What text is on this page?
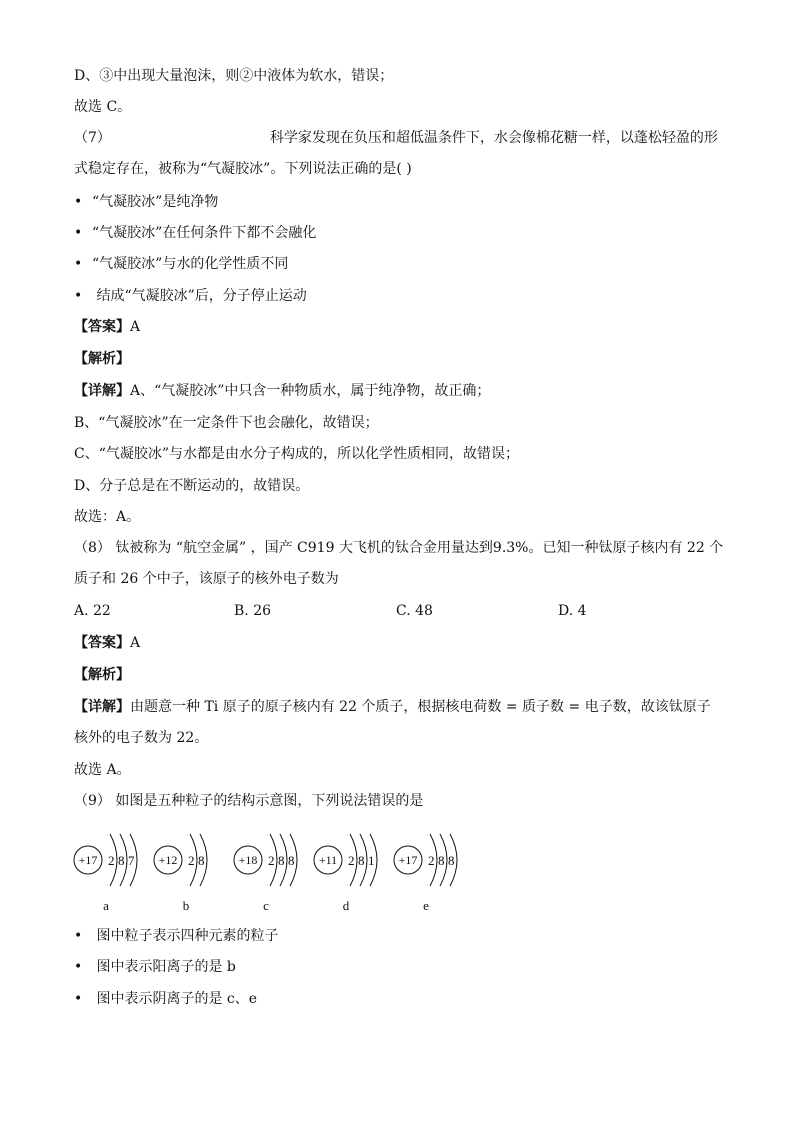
D、③中出现大量泡沫，则②中液体为软水，错误；
故选 C。
（7）	科学家发现在负压和超低温条件下，水会像棉花糖一样，以蓬松轻盈的形
式稳定存在，被称为“气凝胶冰”。下列说法正确的是( )
• “气凝胶冰”是纯净物
• “气凝胶冰”在任何条件下都不会融化
• “气凝胶冰”与水的化学性质不同
• 结成“气凝胶冰”后，分子停止运动
【答案】A
【解析】
【详解】A、“气凝胶冰”中只含一种物质水，属于纯净物，故正确；
B、“气凝胶冰”在一定条件下也会融化，故错误；
C、“气凝胶冰”与水都是由水分子构成的，所以化学性质相同，故错误；
D、分子总是在不断运动的，故错误。
故选：A。
（8） 钛被称为 “航空金属” ，国产 C919 大飞机的钛合金用量达到9.3%。已知一种钛原子核内有 22 个
质子和 26 个中子，该原子的核外电子数为
A. 22	B. 26	C. 48	D. 4
【答案】A
【解析】
【详解】由题意一种 Ti 原子的原子核内有 22 个质子，根据核电荷数 = 质子数 = 电子数，故该钛原子
核外的电子数为 22。
故选 A。
（9） 如图是五种粒子的结构示意图，下列说法错误的是
+17 2 8 7
a
+12 2 8
b
+18 2 8 8
c
+11 2 8 1
d
+17 2 8 8
e
• 图中粒子表示四种元素的粒子
• 图中表示阳离子的是 b
• 图中表示阴离子的是 c、e
